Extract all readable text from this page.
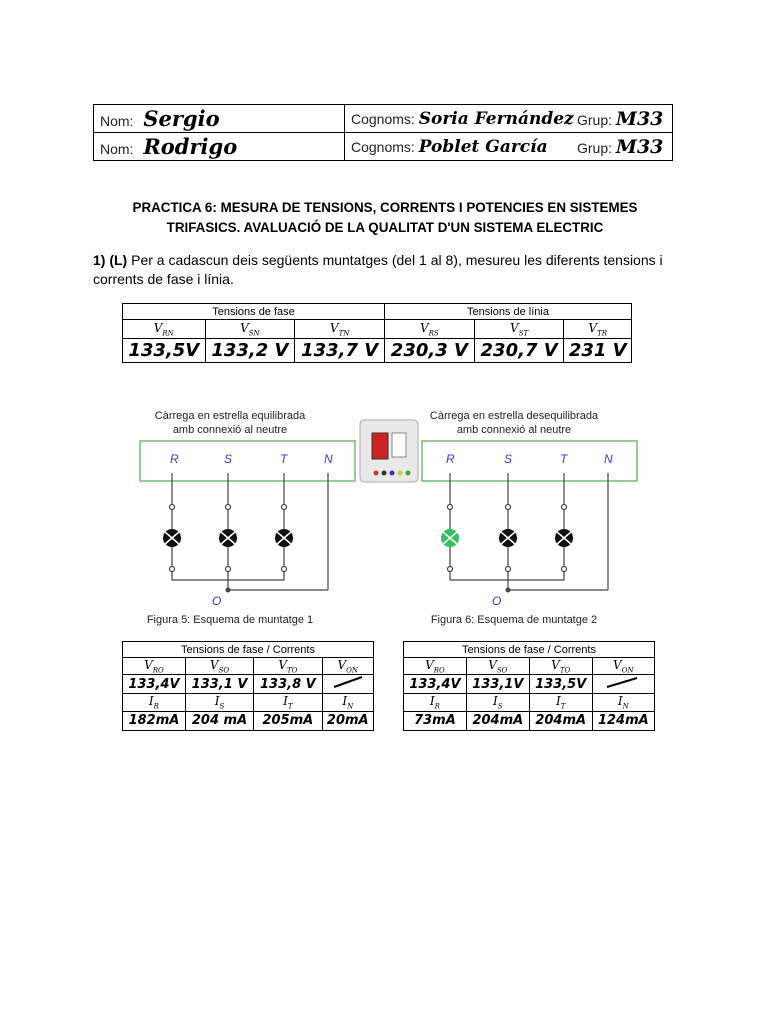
Nom: Sergio	Cognoms: Soria Fernández	Grup: M33
Nom: Rodrigo	Cognoms: Poblet García	Grup: M33
PRACTICA 6: MESURA DE TENSIONS, CORRENTS I POTENCIES EN SISTEMES
TRIFASICS. AVALUACIÓ DE LA QUALITAT D'UN SISTEMA ELECTRIC
1) (L) Per a cadascun deis següents muntatges (del 1 al 8), mesureu les diferents tensions i corrents de fase i línia.
Tensions de fase			Tensions de línia		
$V_{RN}$	$V_{SN}$	$V_{TN}$	$V_{RS}$	$V_{ST}$	$V_{TR}$
133,5V	133,2 V	133,7 V	230,3 V	230,7 V	231 V
Càrrega en estrella equilibrada
amb connexió al neutre
R	S	T	N
O
Figura 5: Esquema de muntatge 1
Càrrega en estrella desequilibrada
amb connexió al neutre
R	S	T	N
O
Figura 6: Esquema de muntatge 2
Tensions de fase / Corrents			
$V_{RO}$	$V_{SO}$	$V_{TO}$	$V_{ON}$
133,4V	133,1 V	133,8 V	
$I_R$	$I_S$	$I_T$	$I_N$
182mA	204 mA	205mA	20mA
Tensions de fase / Corrents			
$V_{RO}$	$V_{SO}$	$V_{TO}$	$V_{ON}$
133,4V	133,1V	133,5V	
$I_R$	$I_S$	$I_T$	$I_N$
73mA	204mA	204mA	124mA
